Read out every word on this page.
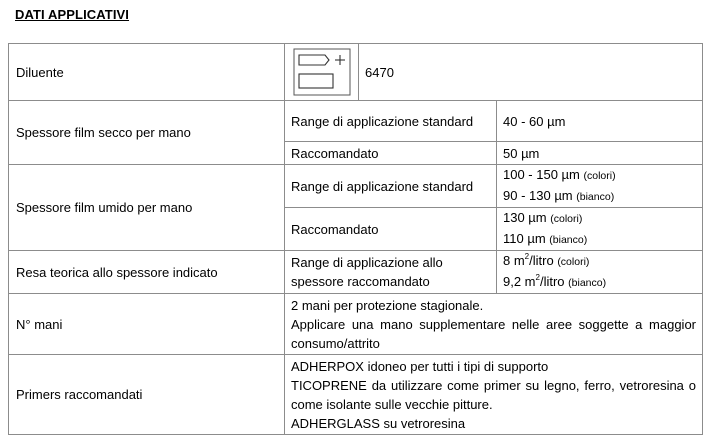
DATI APPLICATIVI
Diluente		6470	
Spessore film secco per mano	Range di applicazione standard		40 - 60 µm
	Raccomandato		50 µm
Spessore film umido per mano	Range di applicazione standard		100 - 150 µm (colori)
90 - 130 µm (bianco)

	Raccomandato		130 µm (colori)
110 µm (bianco)

Resa teorica allo spessore indicato	Range di applicazione allo spessore raccomandato		8 $m^2$/litro (colori)
9,2 $m^2$/litro (bianco)

N° mani	2 mani per protezione stagionale.
Applicare una mano supplementare nelle aree soggette a maggior consumo/attrito		

Primers raccomandati	ADHERPOX idoneo per tutti i tipi di supporto
TICOPRENE da utilizzare come primer su legno, ferro, vetroresina o come isolante sulle vecchie pitture.
ADHERGLASS su vetroresina		
